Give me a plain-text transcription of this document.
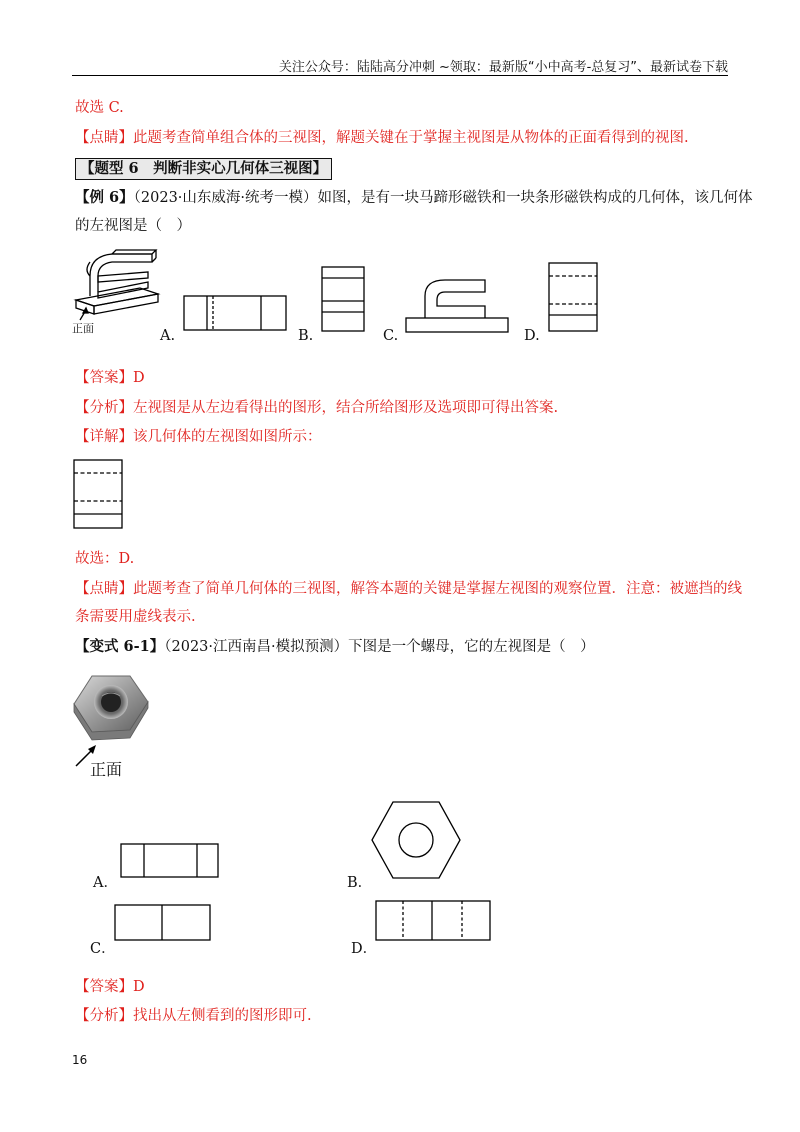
关注公众号：陆陆高分冲刺 ~领取：最新版“小中高考-总复习”、最新试卷下载
故选 C.
【点睛】此题考查简单组合体的三视图，解题关键在于掌握主视图是从物体的正面看得到的视图.
【题型 6　判断非实心几何体三视图】
【例 6】（2023·山东威海·统考一模）如图，是有一块马蹄形磁铁和一块条形磁铁构成的几何体，该几何体
的左视图是（　）
正面	A.	B.	C.	D.
【答案】D
【分析】左视图是从左边看得出的图形，结合所给图形及选项即可得出答案.
【详解】该几何体的左视图如图所示：
故选：D.
【点睛】此题考查了简单几何体的三视图，解答本题的关键是掌握左视图的观察位置．注意：被遮挡的线
条需要用虚线表示.
【变式 6-1】（2023·江西南昌·模拟预测）下图是一个螺母，它的左视图是（　）
正面
A．	B．
C．	D．
【答案】D
【分析】找出从左侧看到的图形即可.
16
